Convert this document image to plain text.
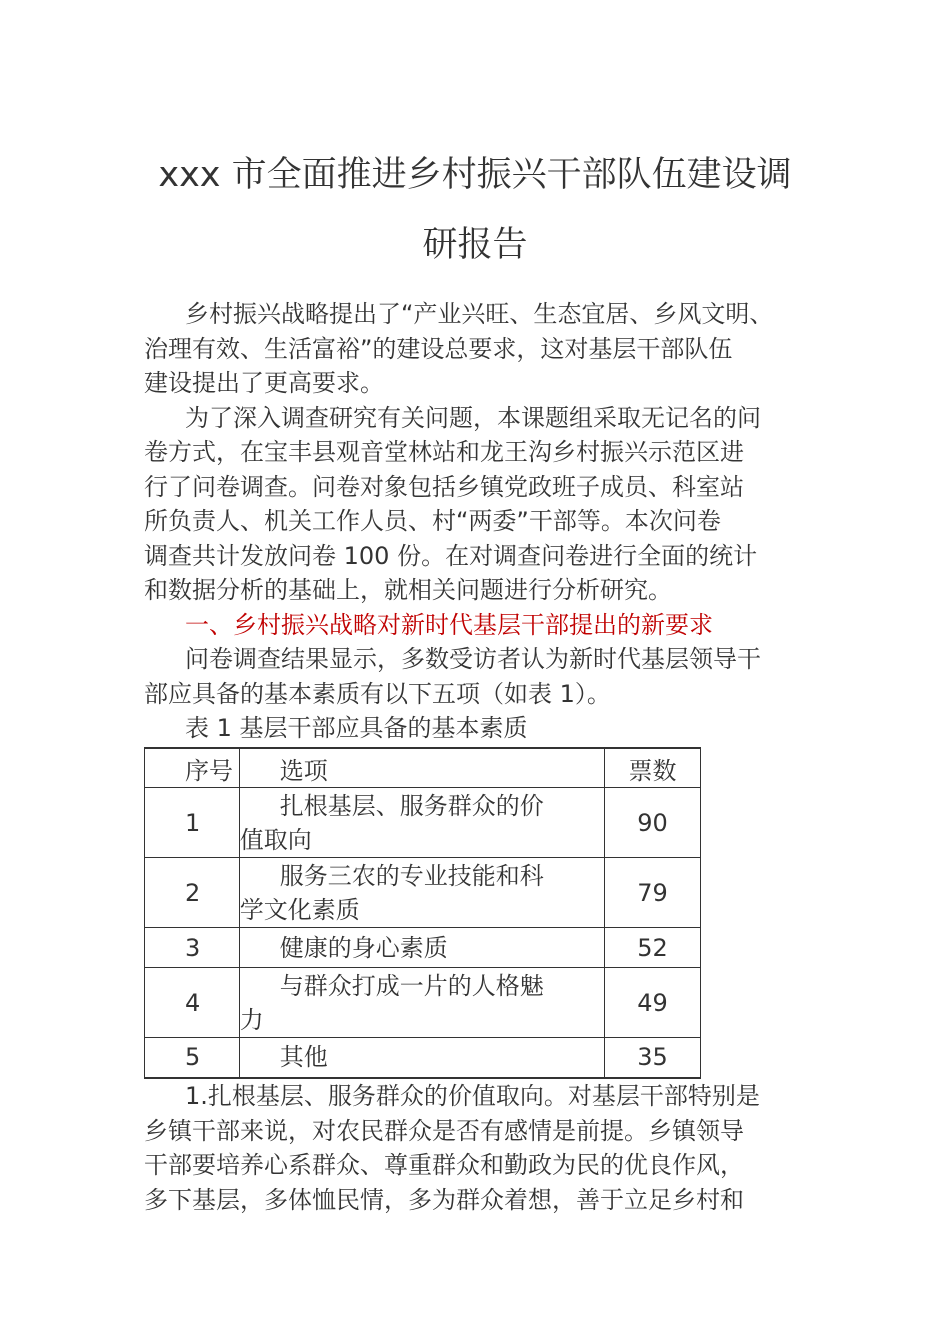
xxx 市全面推进乡村振兴干部队伍建设调
研报告

乡村振兴战略提出了“产业兴旺、生态宜居、乡风文明、

治理有效、生活富裕”的建设总要求，这对基层干部队伍

建设提出了更高要求。

为了深入调查研究有关问题，本课题组采取无记名的问

卷方式，在宝丰县观音堂林站和龙王沟乡村振兴示范区进

行了问卷调查。问卷对象包括乡镇党政班子成员、科室站

所负责人、机关工作人员、村“两委”干部等。本次问卷

调查共计发放问卷 100 份。在对调查问卷进行全面的统计

和数据分析的基础上，就相关问题进行分析研究。

一、乡村振兴战略对新时代基层干部提出的新要求

问卷调查结果显示，多数受访者认为新时代基层领导干

部应具备的基本素质有以下五项（如表 1）。

表 1 基层干部应具备的基本素质

序号	选项	票数
1	扎根基层、服务群众的价
值取向	90
2	服务三农的专业技能和科
学文化素质	79
3	健康的身心素质	52
4	与群众打成一片的人格魅
力	49
5	其他	35

1.扎根基层、服务群众的价值取向。对基层干部特别是

乡镇干部来说，对农民群众是否有感情是前提。乡镇领导

干部要培养心系群众、尊重群众和勤政为民的优良作风，

多下基层，多体恤民情，多为群众着想，善于立足乡村和
